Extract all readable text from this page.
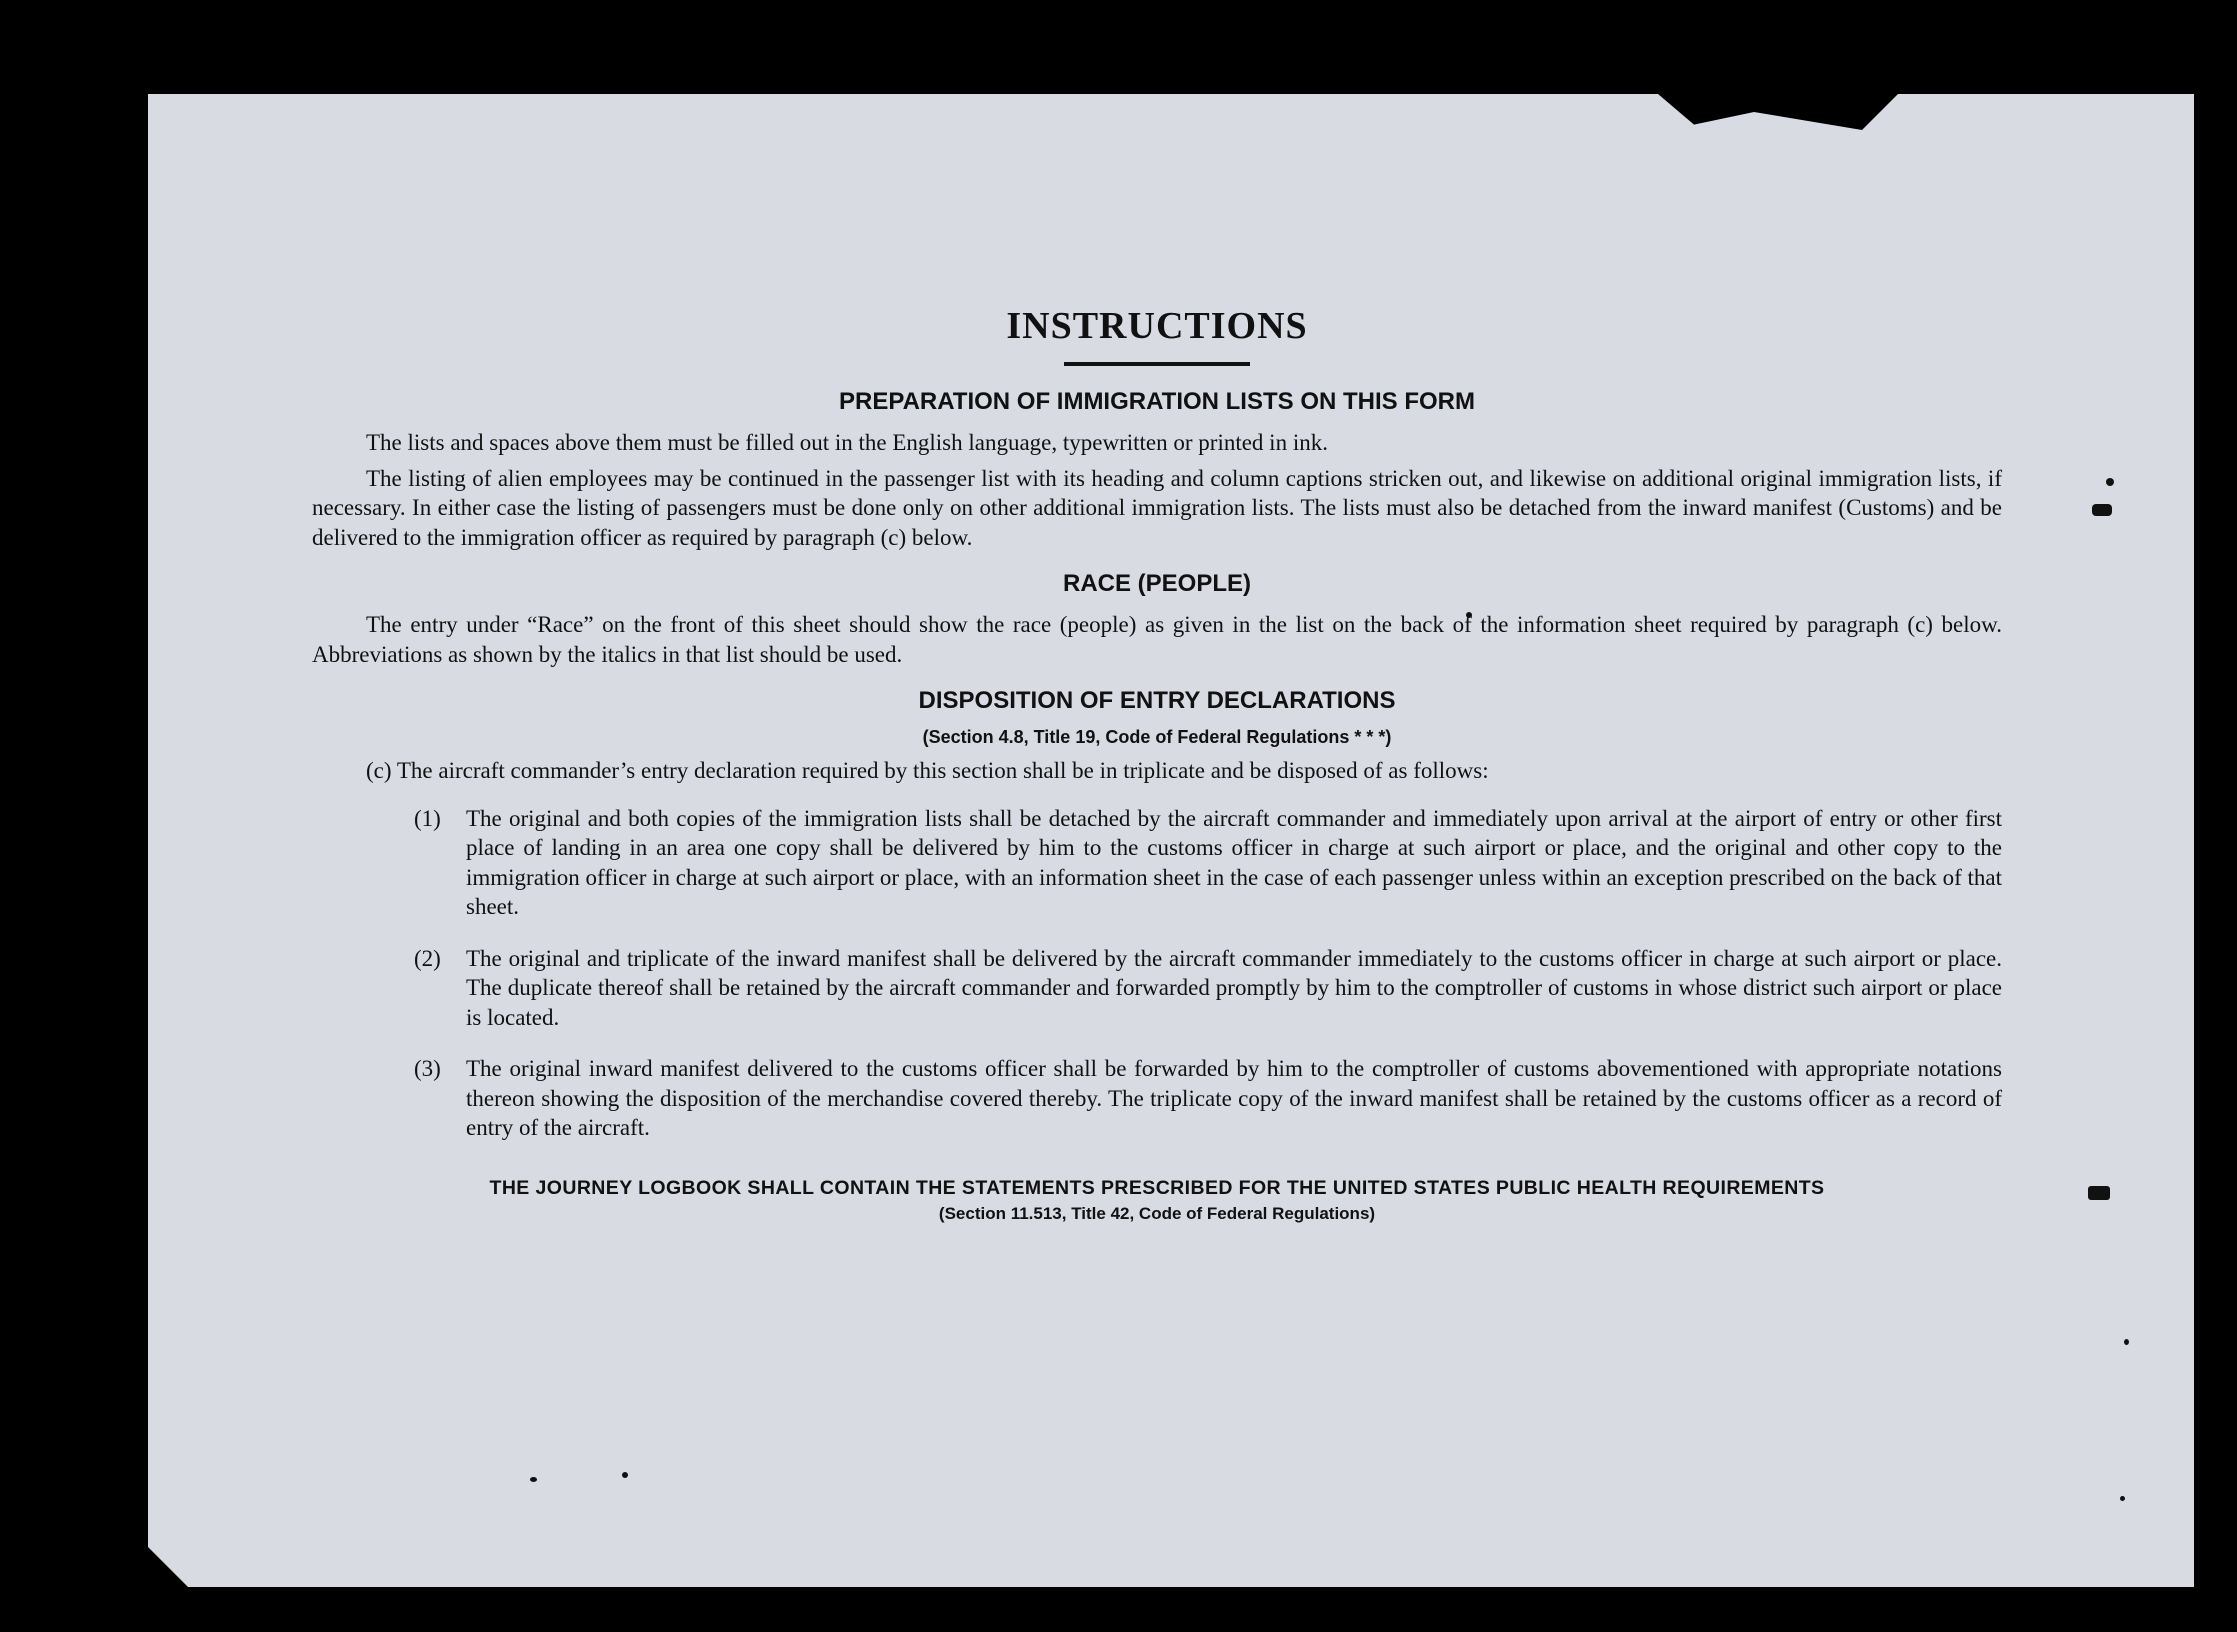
INSTRUCTIONS
PREPARATION OF IMMIGRATION LISTS ON THIS FORM

The lists and spaces above them must be filled out in the English language, typewritten or printed in ink.

The listing of alien employees may be continued in the passenger list with its heading and column captions stricken out, and likewise on additional original immigration lists, if necessary. In either case the listing of passengers must be done only on other additional immigration lists. The lists must also be detached from the inward manifest (Customs) and be delivered to the immigration officer as required by paragraph (c) below.

RACE (PEOPLE)

The entry under “Race” on the front of this sheet should show the race (people) as given in the list on the back of the information sheet required by paragraph (c) below. Abbreviations as shown by the italics in that list should be used.

DISPOSITION OF ENTRY DECLARATIONS
(Section 4.8, Title 19, Code of Federal Regulations * * *)

(c) The aircraft commander’s entry declaration required by this section shall be in triplicate and be disposed of as follows:

(1)	The original and both copies of the immigration lists shall be detached by the aircraft commander and immediately upon arrival at the airport of entry or other first place of landing in an area one copy shall be delivered by him to the customs officer in charge at such airport or place, and the original and other copy to the immigration officer in charge at such airport or place, with an information sheet in the case of each passenger unless within an exception prescribed on the back of that sheet.
(2)	The original and triplicate of the inward manifest shall be delivered by the aircraft commander immediately to the customs officer in charge at such airport or place. The duplicate thereof shall be retained by the aircraft commander and forwarded promptly by him to the comptroller of customs in whose district such airport or place is located.
(3)	The original inward manifest delivered to the customs officer shall be forwarded by him to the comptroller of customs abovementioned with appropriate notations thereon showing the disposition of the merchandise covered thereby. The triplicate copy of the inward manifest shall be retained by the customs officer as a record of entry of the aircraft.
THE JOURNEY LOGBOOK SHALL CONTAIN THE STATEMENTS PRESCRIBED FOR THE UNITED STATES PUBLIC HEALTH REQUIREMENTS
(Section 11.513, Title 42, Code of Federal Regulations)
